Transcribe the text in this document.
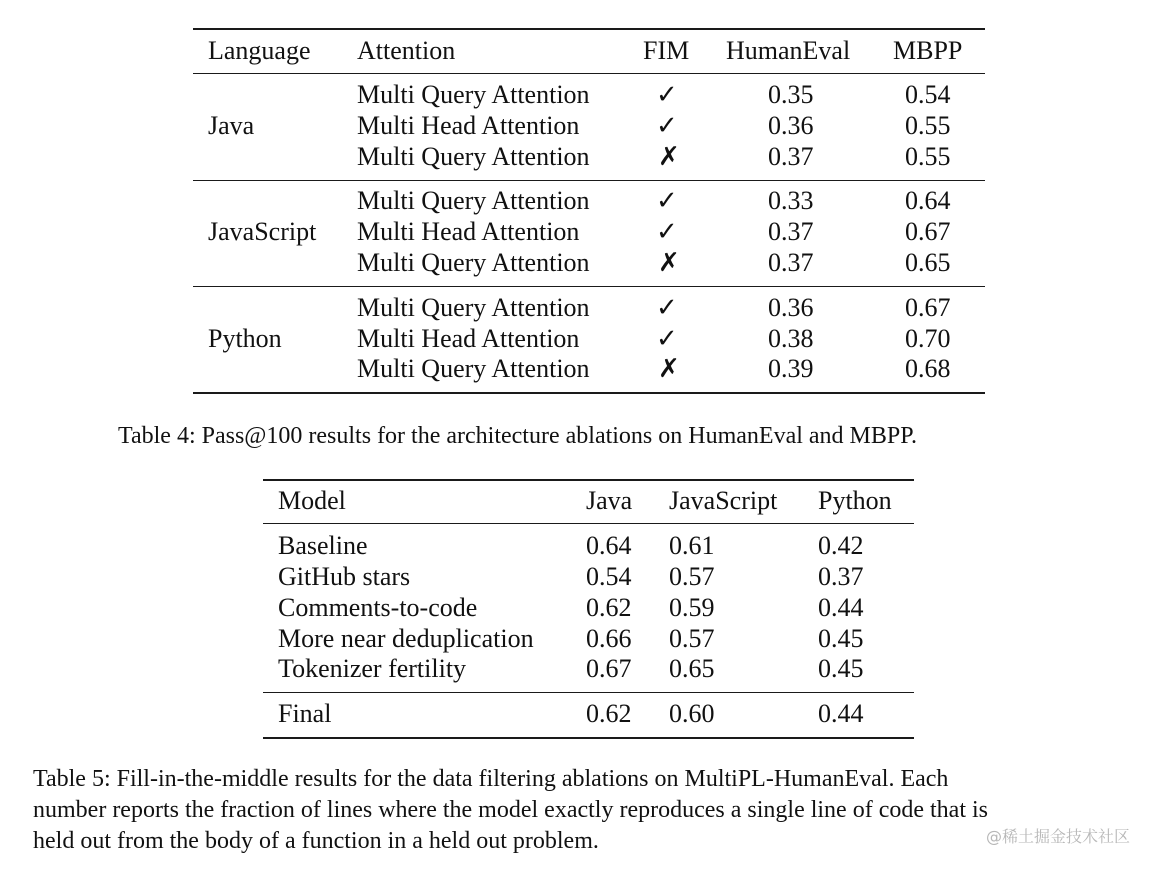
Language Attention	FIM HumanEval MBPP
Java
Multi Query Attention	✓	0.35	0.54
Multi Head Attention	✓	0.36	0.55
Multi Query Attention	✗	0.37	0.55
JavaScript
Multi Query Attention	✓	0.33	0.64
Multi Head Attention	✓	0.37	0.67
Multi Query Attention	✗	0.37	0.65
Python
Multi Query Attention	✓	0.36	0.67
Multi Head Attention	✓	0.38	0.70
Multi Query Attention	✗	0.39	0.68
Table 4: Pass@100 results for the architecture ablations on HumanEval and MBPP.
Model	Java JavaScript Python
Baseline	0.64 0.61	0.42
GitHub stars	0.54 0.57	0.37
Comments-to-code	0.62 0.59	0.44
More near deduplication 0.66 0.57	0.45
Tokenizer fertility	0.67 0.65	0.45
Final	0.62 0.60	0.44
Table 5: Fill-in-the-middle results for the data filtering ablations on MultiPL-HumanEval. Each
number reports the fraction of lines where the model exactly reproduces a single line of code that is
held out from the body of a function in a held out problem.	@稀土掘金技术社区
